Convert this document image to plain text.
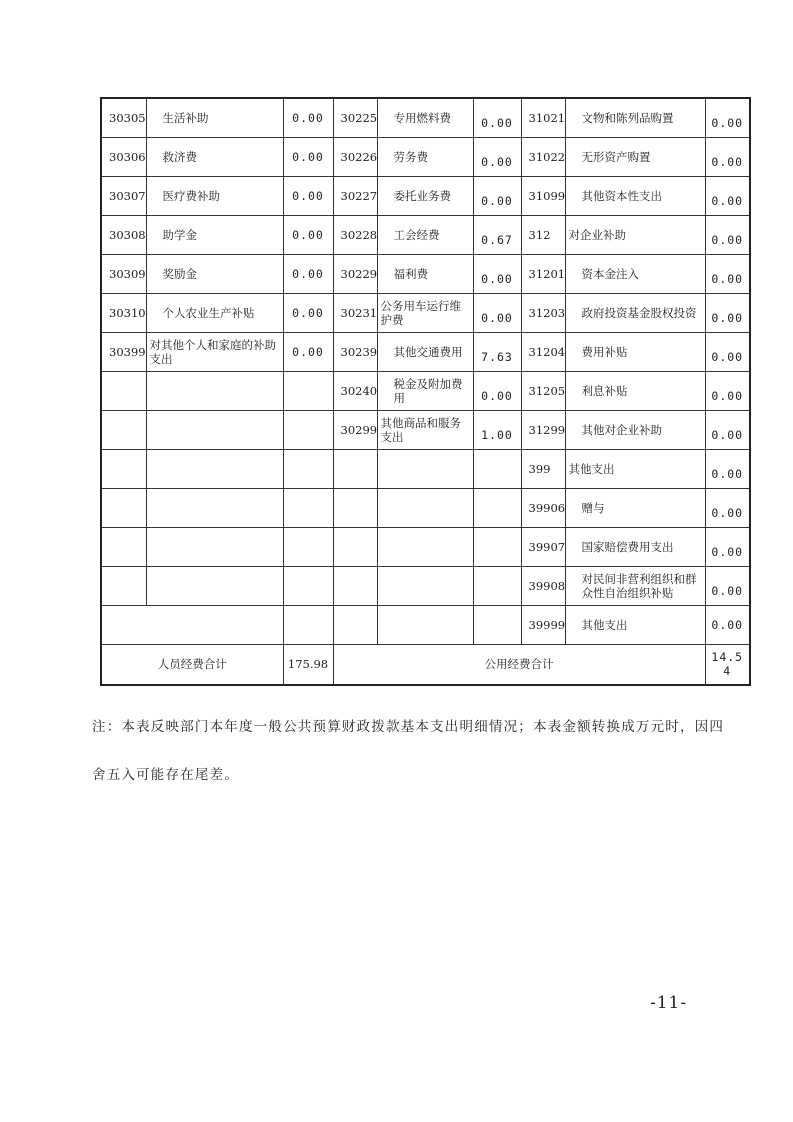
30305	生活补助	0.00	30225	专用燃料费	0.00	31021	文物和陈列品购置	0.00
30306	救济费	0.00	30226	劳务费	0.00	31022	无形资产购置	0.00
30307	医疗费补助	0.00	30227	委托业务费	0.00	31099	其他资本性支出	0.00
30308	助学金	0.00	30228	工会经费	0.67	312	对企业补助	0.00
30309	奖励金	0.00	30229	福利费	0.00	31201	资本金注入	0.00
30310	个人农业生产补贴	0.00	30231	公务用车运行维护费	0.00	31203	政府投资基金股权投资	0.00
30399	对其他个人和家庭的补助支出	0.00	30239	其他交通费用	7.63	31204	费用补贴	0.00
			30240	税金及附加费用	0.00	31205	利息补贴	0.00
			30299	其他商品和服务支出	1.00	31299	其他对企业补助	0.00
						399	其他支出	0.00
						39906	赠与	0.00
						39907	国家赔偿费用支出	0.00
						39908	对民间非营利组织和群众性自治组织补贴	0.00
						39999	其他支出	0.00
人员经费合计		175.98	公用经费合计					14.54

注：本表反映部门本年度一般公共预算财政拨款基本支出明细情况；本表金额转换成万元时，因四

舍五入可能存在尾差。

-11-
